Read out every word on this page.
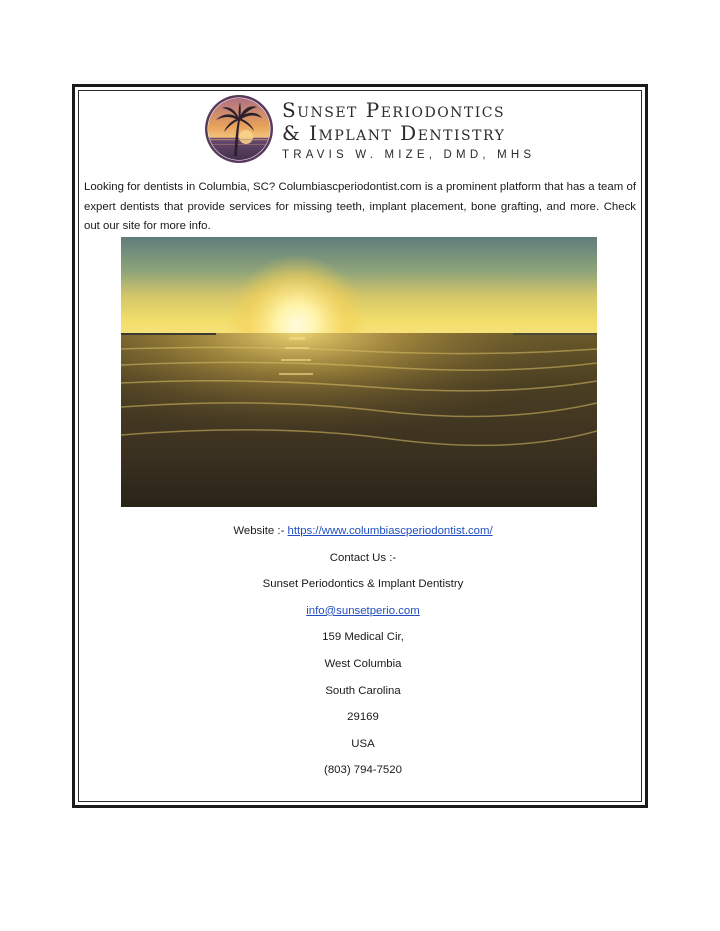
Sunset Periodontics
& Implant Dentistry
TRAVIS W. MIZE, DMD, MHS
Looking for dentists in Columbia, SC? Columbiascperiodontist.com is a prominent platform that has a team of expert dentists that provide services for missing teeth, implant placement, bone grafting, and more. Check out our site for more info.
Website :- https://www.columbiascperiodontist.com/
Contact Us :-
Sunset Periodontics & Implant Dentistry
info@sunsetperio.com
159 Medical Cir,
West Columbia
South Carolina
29169
USA
(803) 794-7520
